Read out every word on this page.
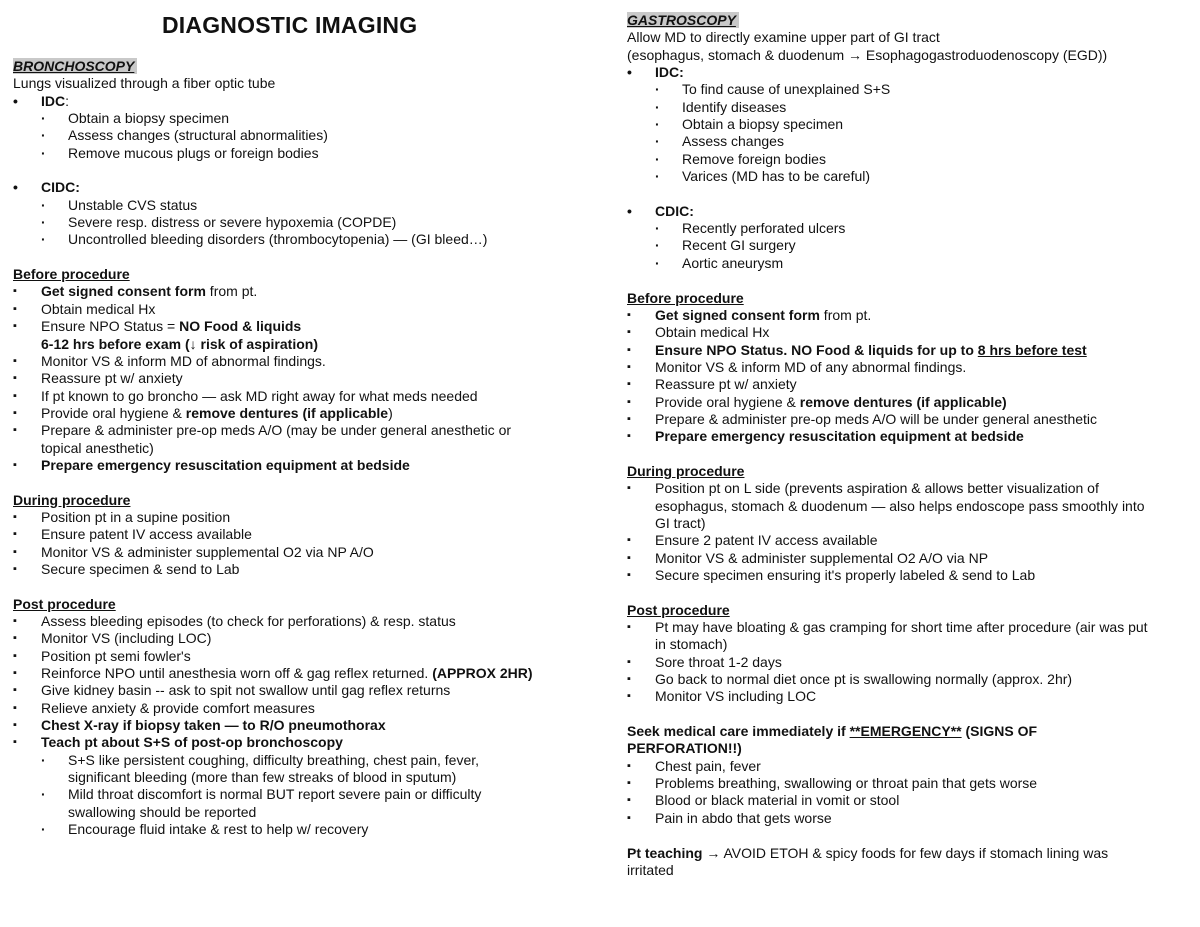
DIAGNOSTIC IMAGING
BRONCHOSCOPY
Lungs visualized through a fiber optic tube
• IDC:
· Obtain a biopsy specimen
· Assess changes (structural abnormalities)
· Remove mucous plugs or foreign bodies
• CIDC:
· Unstable CVS status
· Severe resp. distress or severe hypoxemia (COPDE)
· Uncontrolled bleeding disorders (thrombocytopenia) — (GI bleed…)
Before procedure
▪ Get signed consent form from pt.
▪ Obtain medical Hx
▪ Ensure NPO Status = NO Food & liquids
6-12 hrs before exam (↓ risk of aspiration)
▪ Monitor VS & inform MD of abnormal findings.
▪ Reassure pt w/ anxiety
▪ If pt known to go broncho — ask MD right away for what meds needed
▪ Provide oral hygiene & remove dentures (if applicable)
▪ Prepare & administer pre-op meds A/O (may be under general anesthetic or
topical anesthetic)
▪ Prepare emergency resuscitation equipment at bedside
During procedure
▪ Position pt in a supine position
▪ Ensure patent IV access available
▪ Monitor VS & administer supplemental O2 via NP A/O
▪ Secure specimen & send to Lab
Post procedure
▪ Assess bleeding episodes (to check for perforations) & resp. status
▪ Monitor VS (including LOC)
▪ Position pt semi fowler's
▪ Reinforce NPO until anesthesia worn off & gag reflex returned. (APPROX 2HR)
▪ Give kidney basin -- ask to spit not swallow until gag reflex returns
▪ Relieve anxiety & provide comfort measures
▪ Chest X-ray if biopsy taken — to R/O pneumothorax
▪ Teach pt about S+S of post-op bronchoscopy
· S+S like persistent coughing, difficulty breathing, chest pain, fever,
significant bleeding (more than few streaks of blood in sputum)
· Mild throat discomfort is normal BUT report severe pain or difficulty
swallowing should be reported
· Encourage fluid intake & rest to help w/ recovery
GASTROSCOPY
Allow MD to directly examine upper part of GI tract
(esophagus, stomach & duodenum → Esophagogastroduodenoscopy (EGD))
• IDC:
· To find cause of unexplained S+S
· Identify diseases
· Obtain a biopsy specimen
· Assess changes
· Remove foreign bodies
· Varices (MD has to be careful)
• CDIC:
· Recently perforated ulcers
· Recent GI surgery
· Aortic aneurysm
Before procedure
▪ Get signed consent form from pt.
▪ Obtain medical Hx
▪ Ensure NPO Status. NO Food & liquids for up to 8 hrs before test
▪ Monitor VS & inform MD of any abnormal findings.
▪ Reassure pt w/ anxiety
▪ Provide oral hygiene & remove dentures (if applicable)
▪ Prepare & administer pre-op meds A/O will be under general anesthetic
▪ Prepare emergency resuscitation equipment at bedside
During procedure
▪ Position pt on L side (prevents aspiration & allows better visualization of
esophagus, stomach & duodenum — also helps endoscope pass smoothly into
GI tract)
▪ Ensure 2 patent IV access available
▪ Monitor VS & administer supplemental O2 A/O via NP
▪ Secure specimen ensuring it's properly labeled & send to Lab
Post procedure
▪ Pt may have bloating & gas cramping for short time after procedure (air was put
in stomach)
▪ Sore throat 1-2 days
▪ Go back to normal diet once pt is swallowing normally (approx. 2hr)
▪ Monitor VS including LOC
Seek medical care immediately if **EMERGENCY** (SIGNS OF
PERFORATION!!)
▪ Chest pain, fever
▪ Problems breathing, swallowing or throat pain that gets worse
▪ Blood or black material in vomit or stool
▪ Pain in abdo that gets worse
Pt teaching → AVOID ETOH & spicy foods for few days if stomach lining was
irritated
